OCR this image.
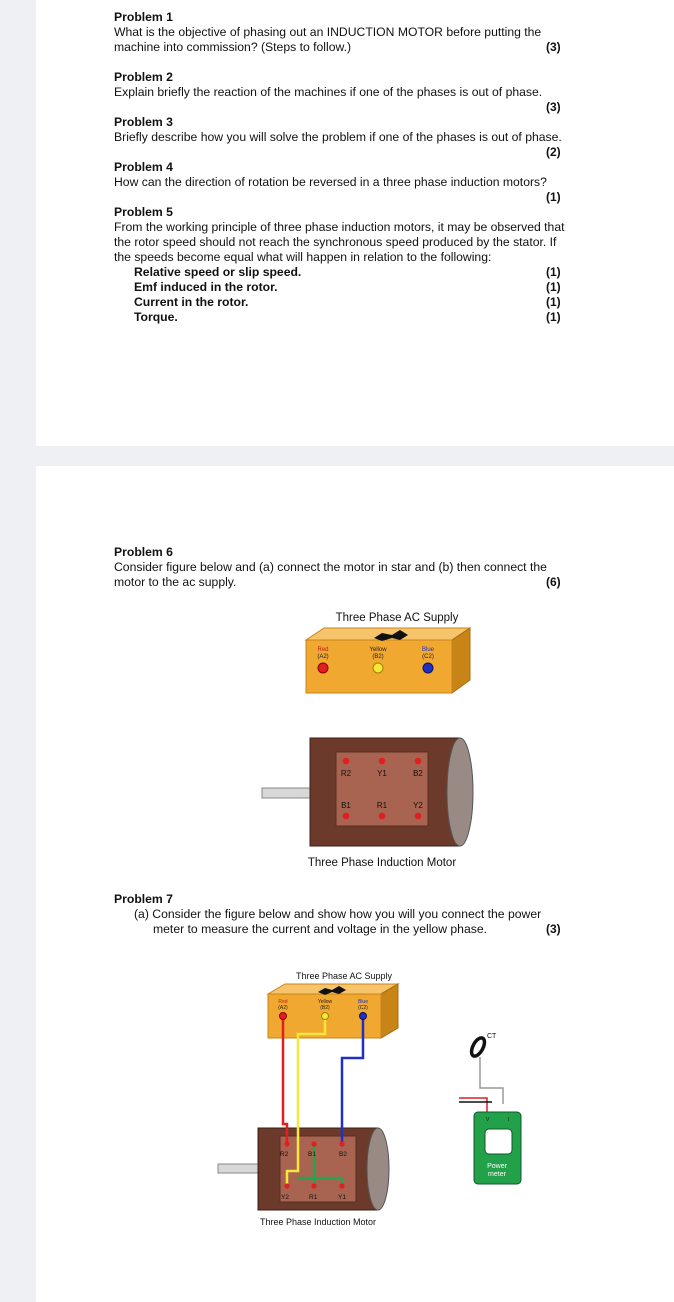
Problem 1
What is the objective of phasing out an INDUCTION MOTOR before putting the
machine into commission? (Steps to follow.)	(3)
Problem 2
Explain briefly the reaction of the machines if one of the phases is out of phase.
(3)
Problem 3
Briefly describe how you will solve the problem if one of the phases is out of phase.
(2)
Problem 4
How can the direction of rotation be reversed in a three phase induction motors?
(1)
Problem 5
From the working principle of three phase induction motors, it may be observed that
the rotor speed should not reach the synchronous speed produced by the stator. If
the speeds become equal what will happen in relation to the following:
Relative speed or slip speed.	(1)
Emf induced in the rotor.	(1)
Current in the rotor.	(1)
Torque.	(1)
Problem 6
Consider figure below and (a) connect the motor in star and (b) then connect the
motor to the ac supply.	(6)
Three Phase AC Supply
Red
(A2)
Yellow
(B2)
Blue
(C2)
R2	Y1	B2
B1	R1	Y2
Three Phase Induction Motor
Problem 7
(a) Consider the figure below and show how you will you connect the power
meter to measure the current and voltage in the yellow phase.	(3)
Three Phase AC Supply
Red
(A2)
Yellow
(B2)
Blue
(C2)
R2	B1	B2
Y2	R1	Y1
Three Phase Induction Motor
CT
V	I
Power
meter
